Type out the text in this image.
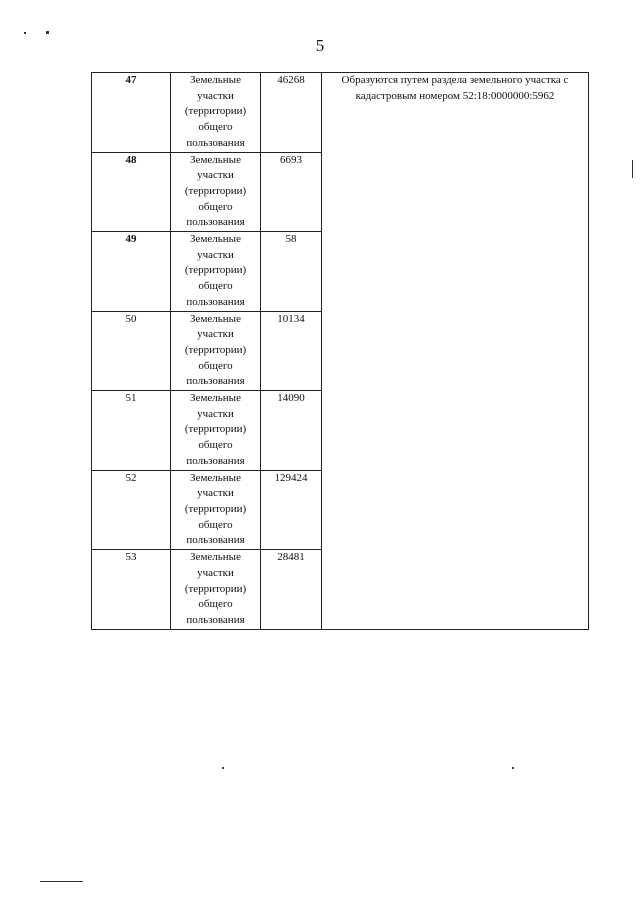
5
47	Земельные
участки
(территории)
общего
пользования	46268	Образуются путем раздела земельного участка с кадастровым номером 52:18:0000000:5962
48	Земельные
участки
(территории)
общего
пользования	6693	
49	Земельные
участки
(территории)
общего
пользования	58	
50	Земельные
участки
(территории)
общего
пользования	10134	
51	Земельные
участки
(территории)
общего
пользования	14090	
52	Земельные
участки
(территории)
общего
пользования	129424	
53	Земельные
участки
(территории)
общего
пользования	28481	
